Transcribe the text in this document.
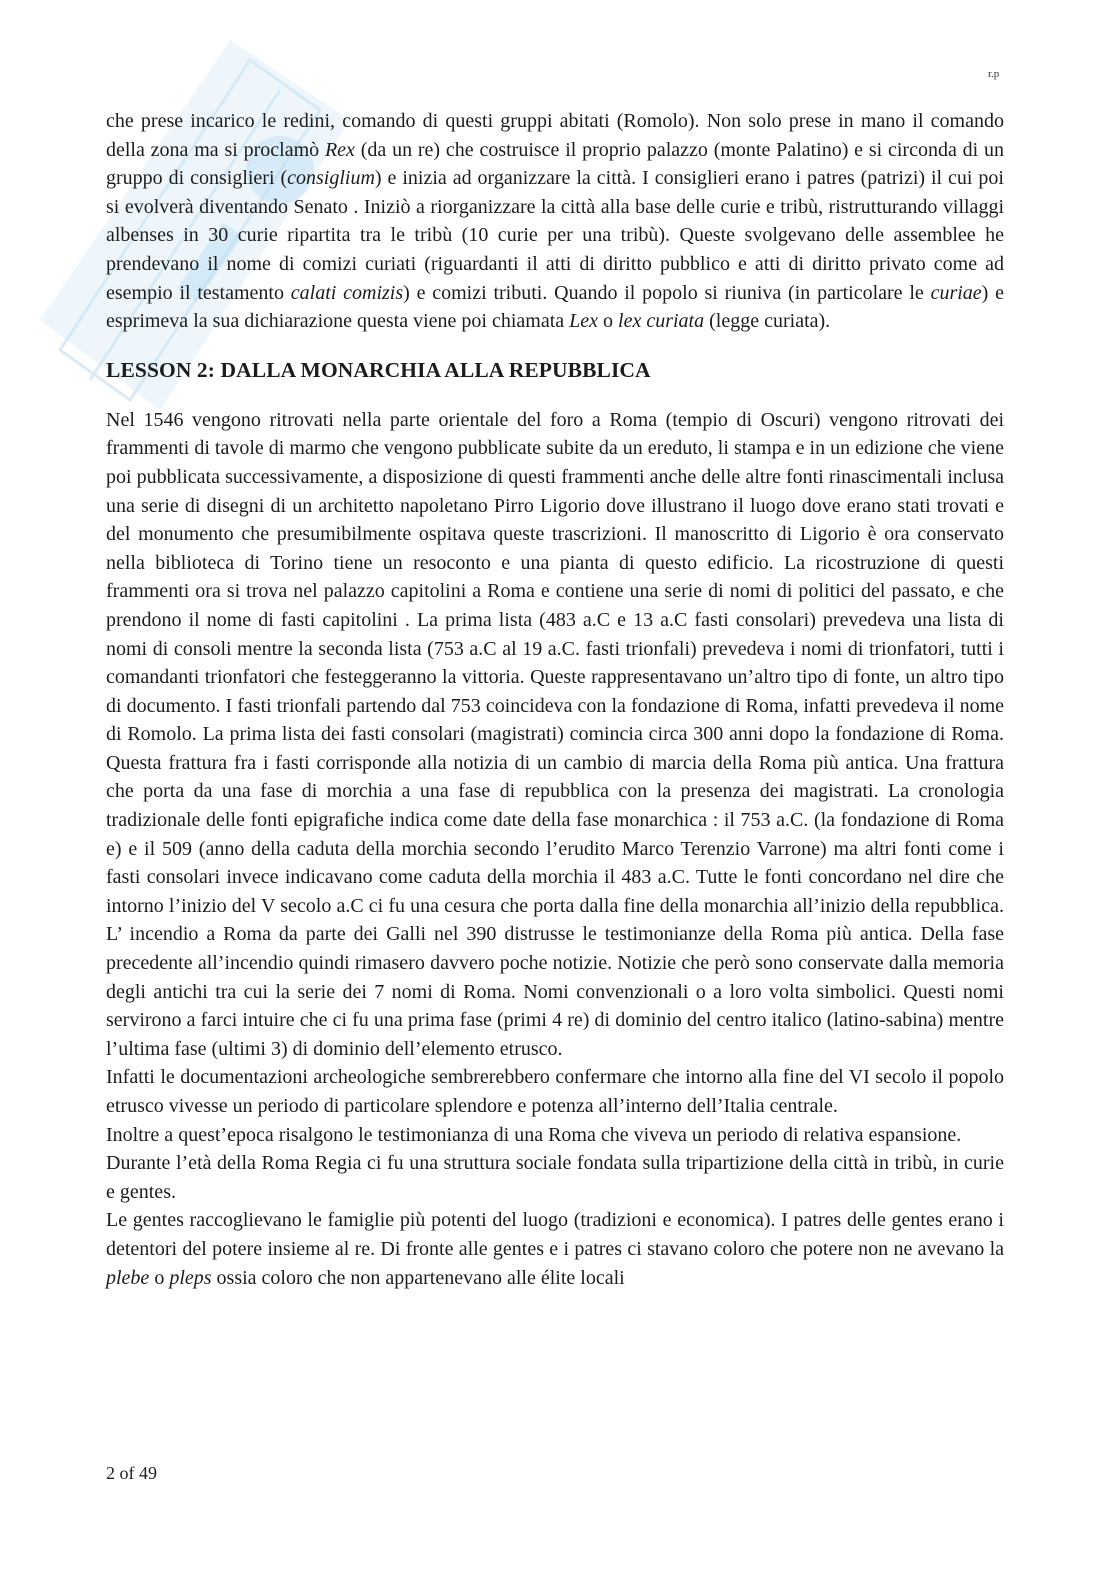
r.p

che prese incarico le redini, comando di questi gruppi abitati (Romolo). Non solo prese in mano il comando della zona ma si proclamò Rex (da un re) che costruisce il proprio palazzo (monte Palatino) e si circonda di un gruppo di consiglieri (consiglium) e inizia ad organizzare la città. I consiglieri erano i patres (patrizi) il cui poi si evolverà diventando Senato . Iniziò a riorganizzare la città alla base delle curie e tribù, ristrutturando villaggi albenses in 30 curie ripartita tra le tribù (10 curie per una tribù). Queste svolgevano delle assemblee he prendevano il nome di comizi curiati (riguardanti il atti di diritto pubblico e atti di diritto privato come ad esempio il testamento calati comizis) e comizi tributi. Quando il popolo si riuniva (in particolare le curiae) e esprimeva la sua dichiarazione questa viene poi chiamata Lex o lex curiata (legge curiata).

LESSON 2: DALLA MONARCHIA ALLA REPUBBLICA

Nel 1546 vengono ritrovati nella parte orientale del foro a Roma (tempio di Oscuri) vengono ritrovati dei frammenti di tavole di marmo che vengono pubblicate subite da un ereduto, li stampa e in un edizione che viene poi pubblicata successivamente, a disposizione di questi frammenti anche delle altre fonti rinascimentali inclusa una serie di disegni di un architetto napoletano Pirro Ligorio dove illustrano il luogo dove erano stati trovati e del monumento che presumibilmente ospitava queste trascrizioni. Il manoscritto di Ligorio è ora conservato nella biblioteca di Torino tiene un resoconto e una pianta di questo edificio. La ricostruzione di questi frammenti ora si trova nel palazzo capitolini a Roma e contiene una serie di nomi di politici del passato, e che prendono il nome di fasti capitolini . La prima lista (483 a.C e 13 a.C fasti consolari) prevedeva una lista di nomi di consoli mentre la seconda lista (753 a.C al 19 a.C. fasti trionfali) prevedeva i nomi di trionfatori, tutti i comandanti trionfatori che festeggeranno la vittoria. Queste rappresentavano un’altro tipo di fonte, un altro tipo di documento. I fasti trionfali partendo dal 753 coincideva con la fondazione di Roma, infatti prevedeva il nome di Romolo. La prima lista dei fasti consolari (magistrati) comincia circa 300 anni dopo la fondazione di Roma. Questa frattura fra i fasti corrisponde alla notizia di un cambio di marcia della Roma più antica. Una frattura che porta da una fase di morchia a una fase di repubblica con la presenza dei magistrati. La cronologia tradizionale delle fonti epigrafiche indica come date della fase monarchica : il 753 a.C. (la fondazione di Roma e) e il 509 (anno della caduta della morchia secondo l’erudito Marco Terenzio Varrone) ma altri fonti come i fasti consolari invece indicavano come caduta della morchia il 483 a.C. Tutte le fonti concordano nel dire che intorno l’inizio del V secolo a.C ci fu una cesura che porta dalla fine della monarchia all’inizio della repubblica. L’ incendio a Roma da parte dei Galli nel 390 distrusse le testimonianze della Roma più antica. Della fase precedente all’incendio quindi rimasero davvero poche notizie. Notizie che però sono conservate dalla memoria degli antichi tra cui la serie dei 7 nomi di Roma. Nomi convenzionali o a loro volta simbolici. Questi nomi servirono a farci intuire che ci fu una prima fase (primi 4 re) di dominio del centro italico (latino-sabina) mentre l’ultima fase (ultimi 3) di dominio dell’elemento etrusco.

Infatti le documentazioni archeologiche sembrerebbero confermare che intorno alla fine del VI secolo il popolo etrusco vivesse un periodo di particolare splendore e potenza all’interno dell’Italia centrale.

Inoltre a quest’epoca risalgono le testimonianza di una Roma che viveva un periodo di relativa espansione.

Durante l’età della Roma Regia ci fu una struttura sociale fondata sulla tripartizione della città in tribù, in curie e gentes.

Le gentes raccoglievano le famiglie più potenti del luogo (tradizioni e economica). I patres delle gentes erano i detentori del potere insieme al re. Di fronte alle gentes e i patres ci stavano coloro che potere non ne avevano la plebe o pleps ossia coloro che non appartenevano alle élite locali

2 of 49
